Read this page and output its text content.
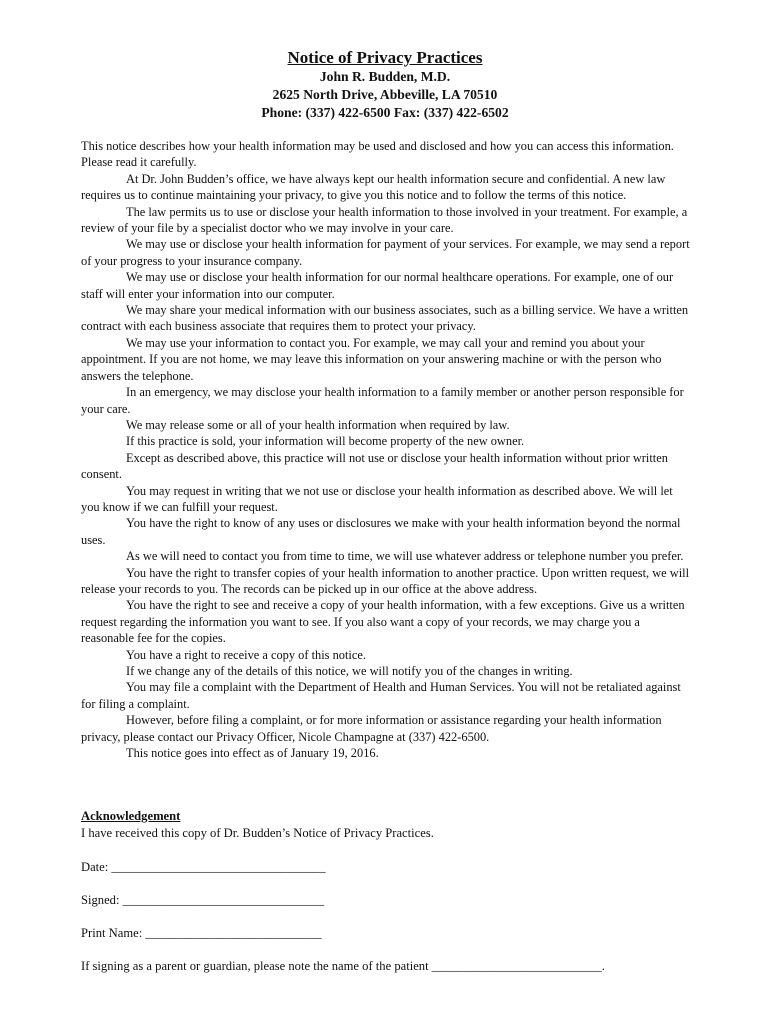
Notice of Privacy Practices
John R. Budden, M.D.
2625 North Drive, Abbeville, LA 70510
Phone: (337) 422-6500 Fax: (337) 422-6502

This notice describes how your health information may be used and disclosed and how you can access this information. Please read it carefully.

At Dr. John Budden’s office, we have always kept our health information secure and confidential. A new law requires us to continue maintaining your privacy, to give you this notice and to follow the terms of this notice.

The law permits us to use or disclose your health information to those involved in your treatment. For example, a review of your file by a specialist doctor who we may involve in your care.

We may use or disclose your health information for payment of your services. For example, we may send a report of your progress to your insurance company.

We may use or disclose your health information for our normal healthcare operations. For example, one of our staff will enter your information into our computer.

We may share your medical information with our business associates, such as a billing service. We have a written contract with each business associate that requires them to protect your privacy.

We may use your information to contact you. For example, we may call your and remind you about your appointment. If you are not home, we may leave this information on your answering machine or with the person who answers the telephone.

In an emergency, we may disclose your health information to a family member or another person responsible for your care.

We may release some or all of your health information when required by law.

If this practice is sold, your information will become property of the new owner.

Except as described above, this practice will not use or disclose your health information without prior written consent.

You may request in writing that we not use or disclose your health information as described above. We will let you know if we can fulfill your request.

You have the right to know of any uses or disclosures we make with your health information beyond the normal uses.

As we will need to contact you from time to time, we will use whatever address or telephone number you prefer.

You have the right to transfer copies of your health information to another practice. Upon written request, we will release your records to you. The records can be picked up in our office at the above address.

You have the right to see and receive a copy of your health information, with a few exceptions. Give us a written request regarding the information you want to see. If you also want a copy of your records, we may charge you a reasonable fee for the copies.

You have a right to receive a copy of this notice.

If we change any of the details of this notice, we will notify you of the changes in writing.

You may file a complaint with the Department of Health and Human Services. You will not be retaliated against for filing a complaint.

However, before filing a complaint, or for more information or assistance regarding your health information privacy, please contact our Privacy Officer, Nicole Champagne at (337) 422-6500.

This notice goes into effect as of January 19, 2016.

Acknowledgement
I have received this copy of Dr. Budden’s Notice of Privacy Practices.
Date: __________________________________
Signed: ________________________________
Print Name: ____________________________
If signing as a parent or guardian, please note the name of the patient ___________________________.
